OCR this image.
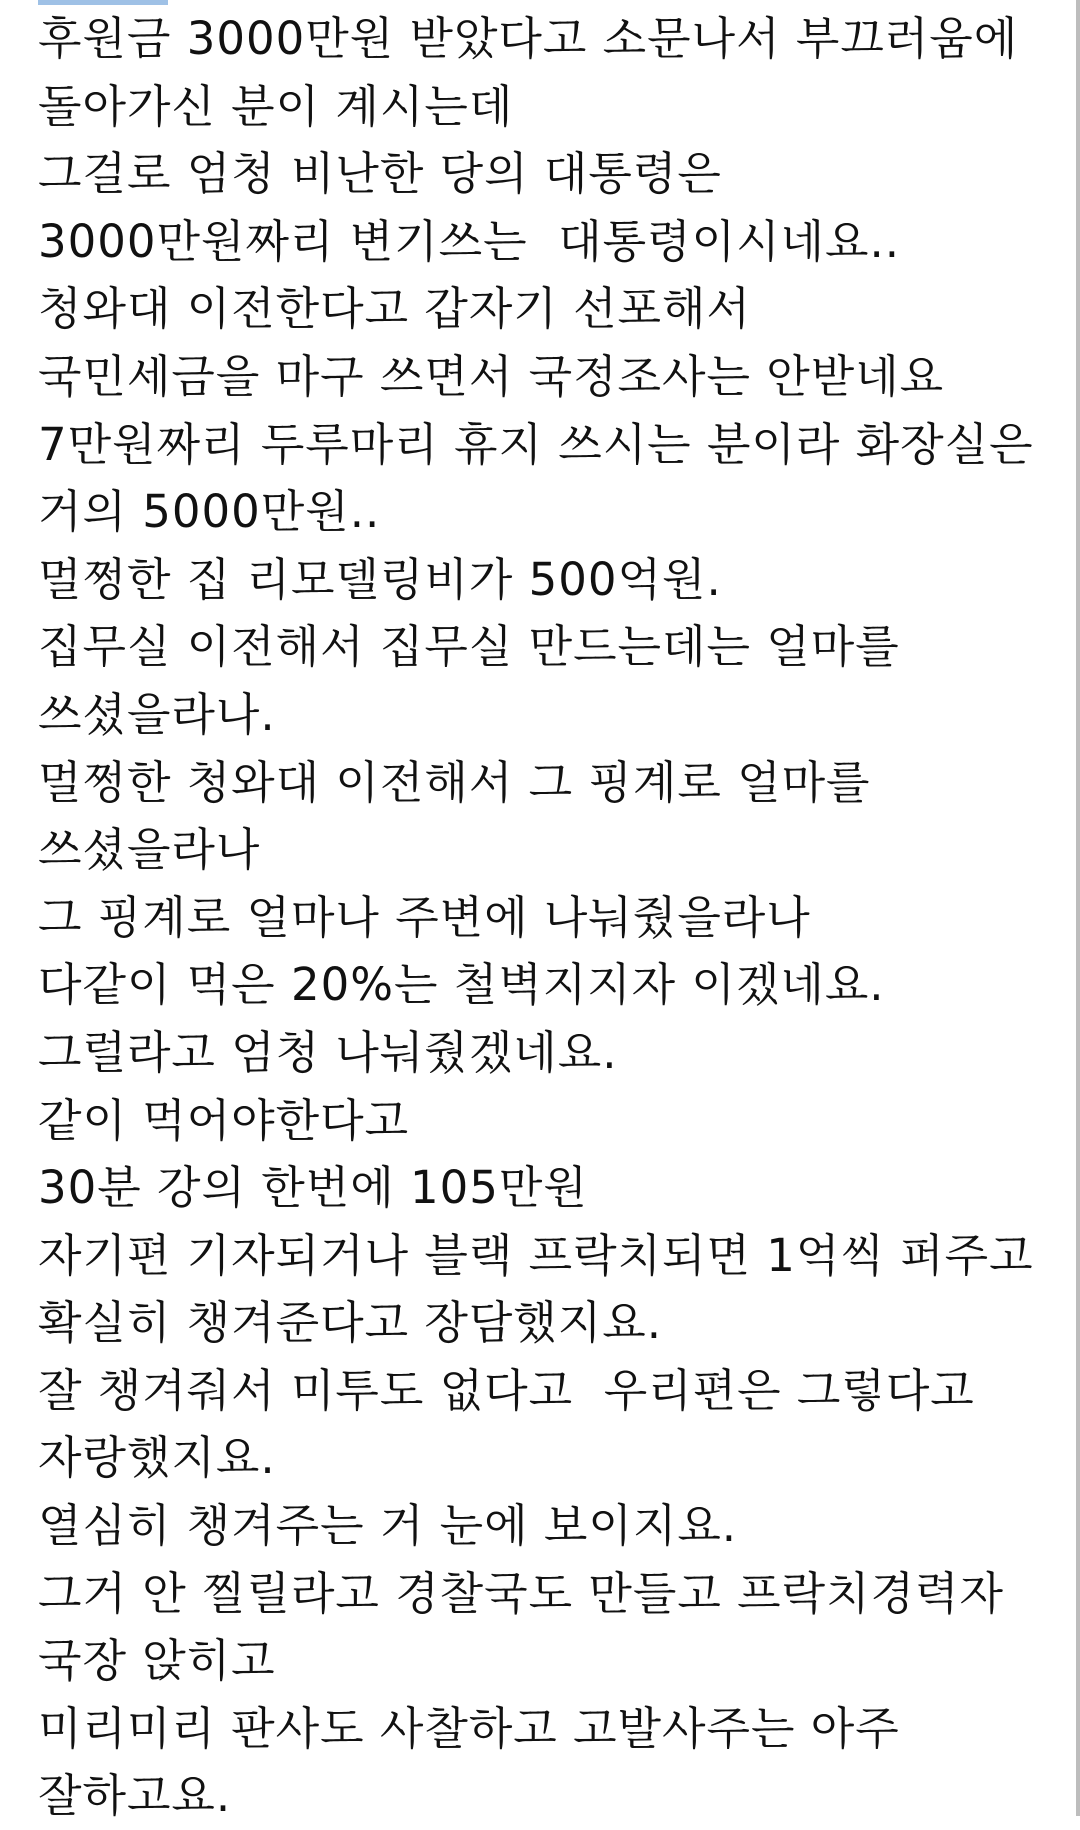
후원금 3000만원 받았다고 소문나서 부끄러움에
돌아가신 분이 계시는데
그걸로 엄청 비난한 당의 대통령은
3000만원짜리 변기쓰는  대통령이시네요..
청와대 이전한다고 갑자기 선포해서
국민세금을 마구 쓰면서 국정조사는 안받네요
7만원짜리 두루마리 휴지 쓰시는 분이라 화장실은
거의 5000만원..
멀쩡한 집 리모델링비가 500억원.
집무실 이전해서 집무실 만드는데는 얼마를
쓰셨을라나.
멀쩡한 청와대 이전해서 그 핑계로 얼마를
쓰셨을라나
그 핑계로 얼마나 주변에 나눠줬을라나
다같이 먹은 20%는 철벽지지자 이겠네요.
그럴라고 엄청 나눠줬겠네요.
같이 먹어야한다고
30분 강의 한번에 105만원
자기편 기자되거나 블랙 프락치되면 1억씩 퍼주고
확실히 챙겨준다고 장담했지요.
잘 챙겨줘서 미투도 없다고  우리편은 그렇다고
자랑했지요.
열심히 챙겨주는 거 눈에 보이지요.
그거 안 찔릴라고 경찰국도 만들고 프락치경력자
국장 앉히고
미리미리 판사도 사찰하고 고발사주는 아주
잘하고요.
